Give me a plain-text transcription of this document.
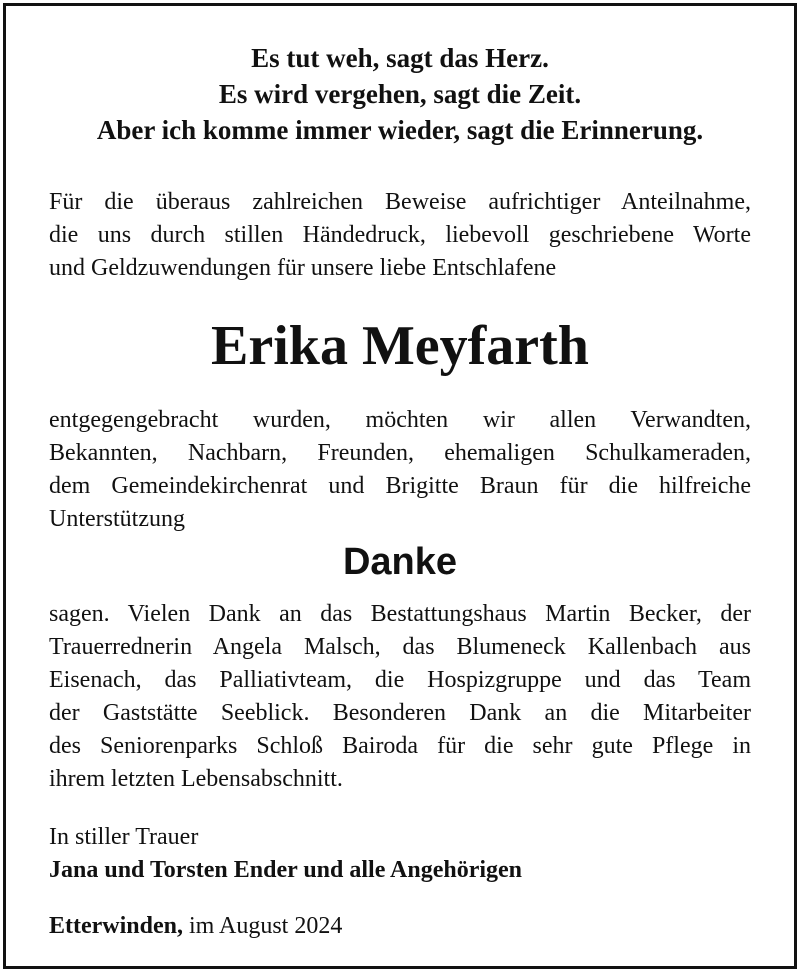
Es tut weh, sagt das Herz.
Es wird vergehen, sagt die Zeit.
Aber ich komme immer wieder, sagt die Erinnerung.
Für die überaus zahlreichen Beweise aufrichtiger Anteilnahme,
die uns durch stillen Händedruck, liebevoll geschriebene Worte
und Geldzuwendungen für unsere liebe Entschlafene
Erika Meyfarth
entgegengebracht wurden, möchten wir allen Verwandten,
Bekannten, Nachbarn, Freunden, ehemaligen Schulkameraden,
dem Gemeindekirchenrat und Brigitte Braun für die hilfreiche
Unterstützung
Danke
sagen. Vielen Dank an das Bestattungshaus Martin Becker, der
Trauerrednerin Angela Malsch, das Blumeneck Kallenbach aus
Eisenach, das Palliativteam, die Hospizgruppe und das Team
der Gaststätte Seeblick. Besonderen Dank an die Mitarbeiter
des Seniorenparks Schloß Bairoda für die sehr gute Pflege in
ihrem letzten Lebensabschnitt.
In stiller Trauer
Jana und Torsten Ender und alle Angehörigen
Etterwinden, im August 2024
